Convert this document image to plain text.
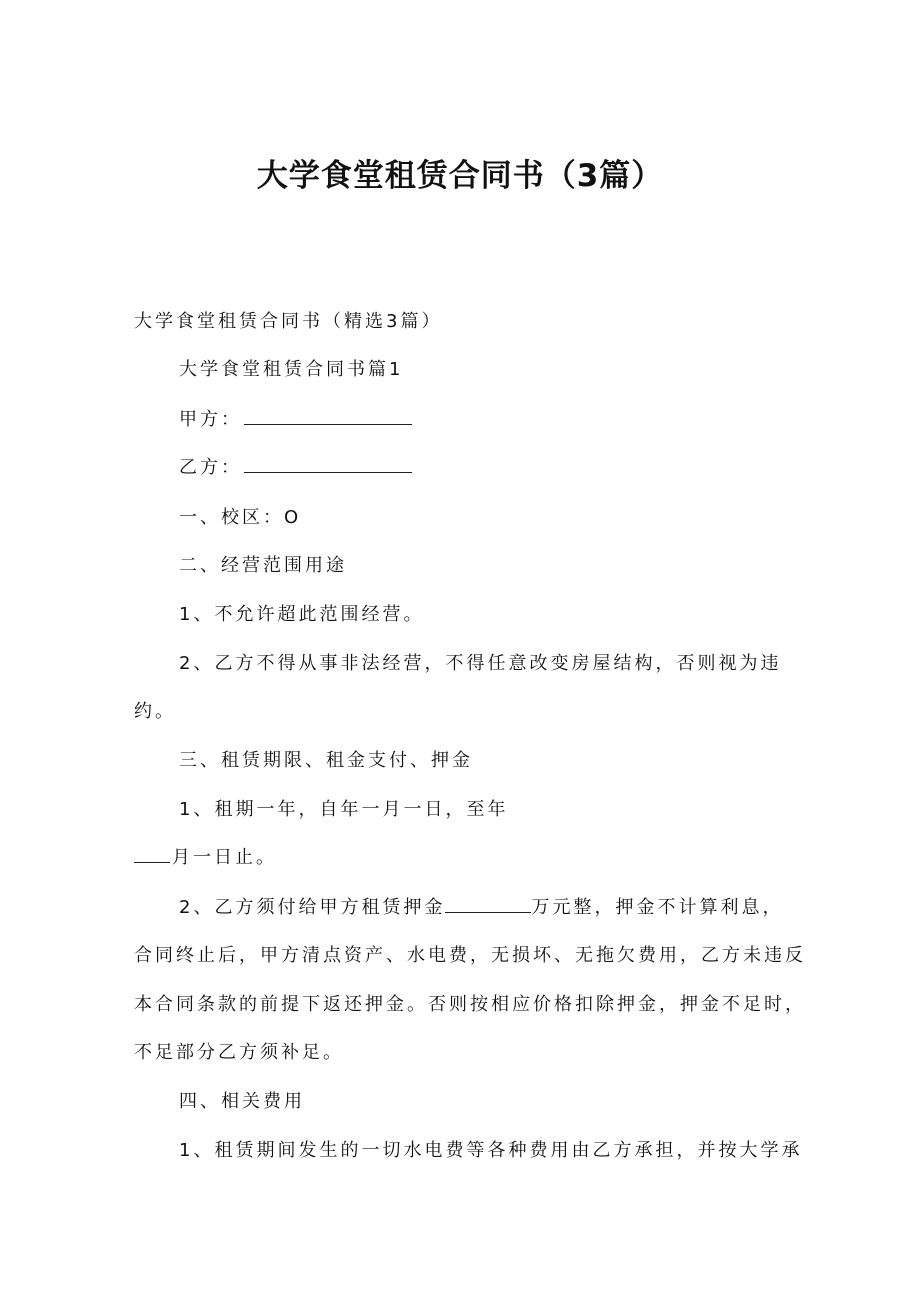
大学食堂租赁合同书（3篇）
大学食堂租赁合同书（精选3篇）
大学食堂租赁合同书篇1
甲方：
乙方：
一、校区：O
二、经营范围用途
1、不允许超此范围经营。
2、乙方不得从事非法经营，不得任意改变房屋结构，否则视为违
约。
三、租赁期限、租金支付、押金
1、租期一年，自年一月一日，至年
月一日止。
2、乙方须付给甲方租赁押金	万元整，押金不计算利息，
合同终止后，甲方清点资产、水电费，无损坏、无拖欠费用，乙方未违反
本合同条款的前提下返还押金。否则按相应价格扣除押金，押金不足时，
不足部分乙方须补足。
四、相关费用
1、租赁期间发生的一切水电费等各种费用由乙方承担，并按大学承
